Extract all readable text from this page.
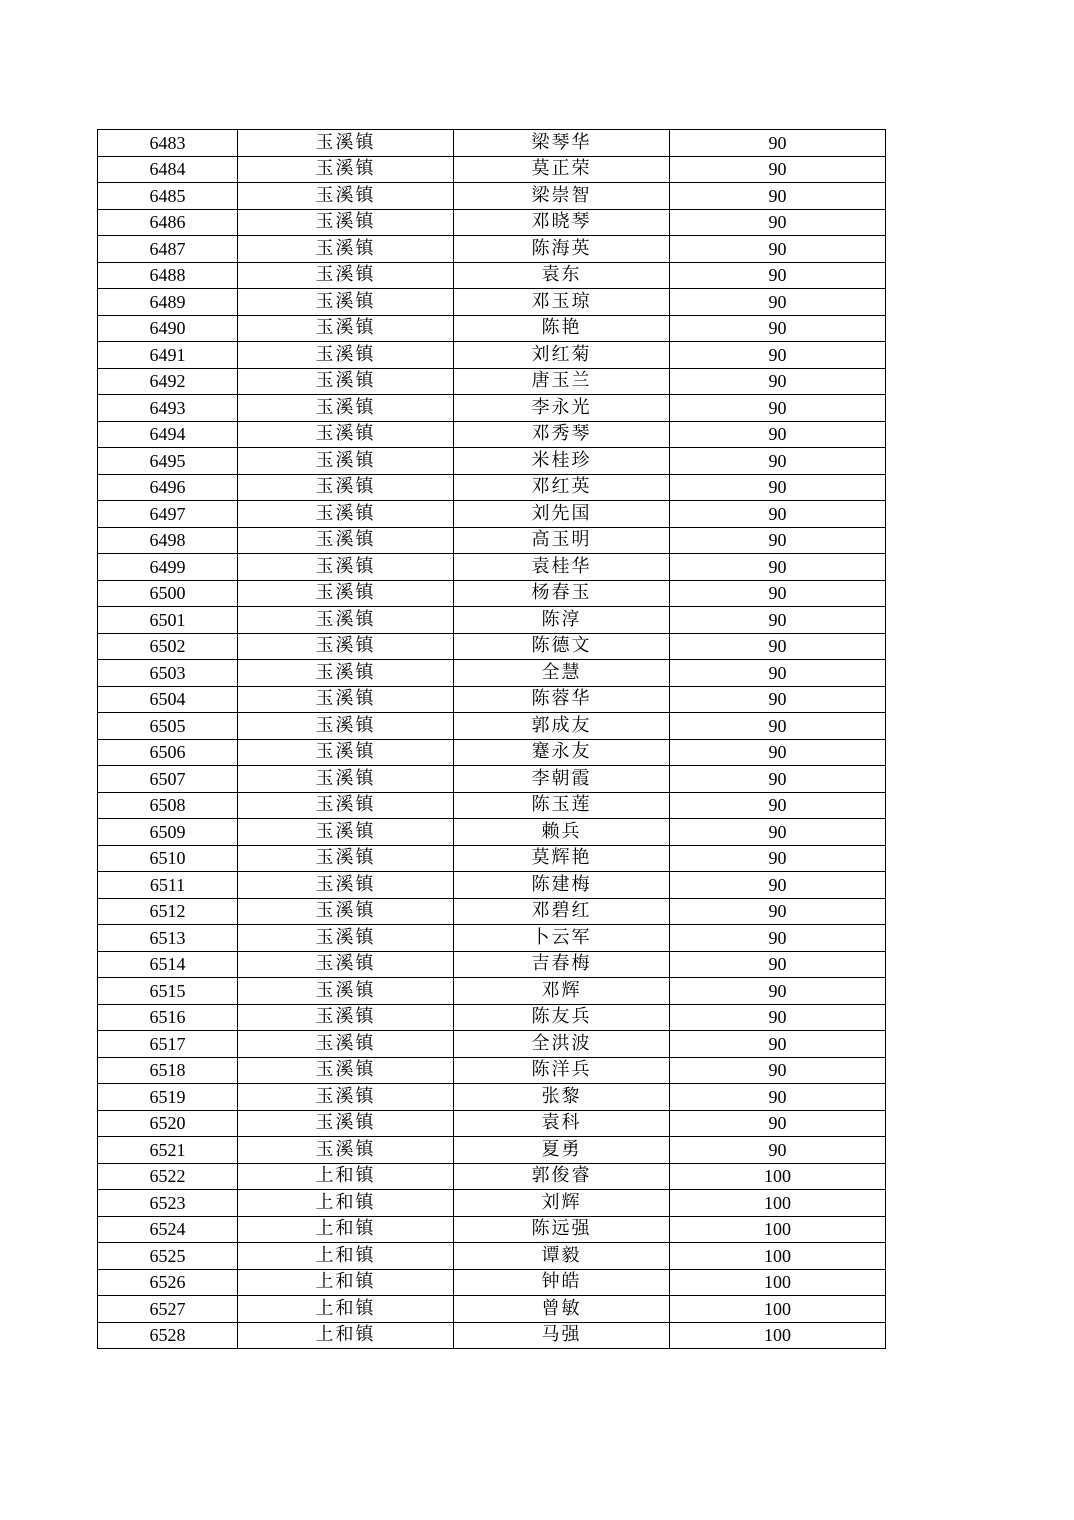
6483	玉溪镇	梁琴华	90
6484	玉溪镇	莫正荣	90
6485	玉溪镇	梁崇智	90
6486	玉溪镇	邓晓琴	90
6487	玉溪镇	陈海英	90
6488	玉溪镇	袁东	90
6489	玉溪镇	邓玉琼	90
6490	玉溪镇	陈艳	90
6491	玉溪镇	刘红菊	90
6492	玉溪镇	唐玉兰	90
6493	玉溪镇	李永光	90
6494	玉溪镇	邓秀琴	90
6495	玉溪镇	米桂珍	90
6496	玉溪镇	邓红英	90
6497	玉溪镇	刘先国	90
6498	玉溪镇	高玉明	90
6499	玉溪镇	袁桂华	90
6500	玉溪镇	杨春玉	90
6501	玉溪镇	陈淳	90
6502	玉溪镇	陈德文	90
6503	玉溪镇	全慧	90
6504	玉溪镇	陈蓉华	90
6505	玉溪镇	郭成友	90
6506	玉溪镇	蹇永友	90
6507	玉溪镇	李朝霞	90
6508	玉溪镇	陈玉莲	90
6509	玉溪镇	赖兵	90
6510	玉溪镇	莫辉艳	90
6511	玉溪镇	陈建梅	90
6512	玉溪镇	邓碧红	90
6513	玉溪镇	卜云军	90
6514	玉溪镇	吉春梅	90
6515	玉溪镇	邓辉	90
6516	玉溪镇	陈友兵	90
6517	玉溪镇	全洪波	90
6518	玉溪镇	陈洋兵	90
6519	玉溪镇	张黎	90
6520	玉溪镇	袁科	90
6521	玉溪镇	夏勇	90
6522	上和镇	郭俊睿	100
6523	上和镇	刘辉	100
6524	上和镇	陈远强	100
6525	上和镇	谭毅	100
6526	上和镇	钟皓	100
6527	上和镇	曾敏	100
6528	上和镇	马强	100
